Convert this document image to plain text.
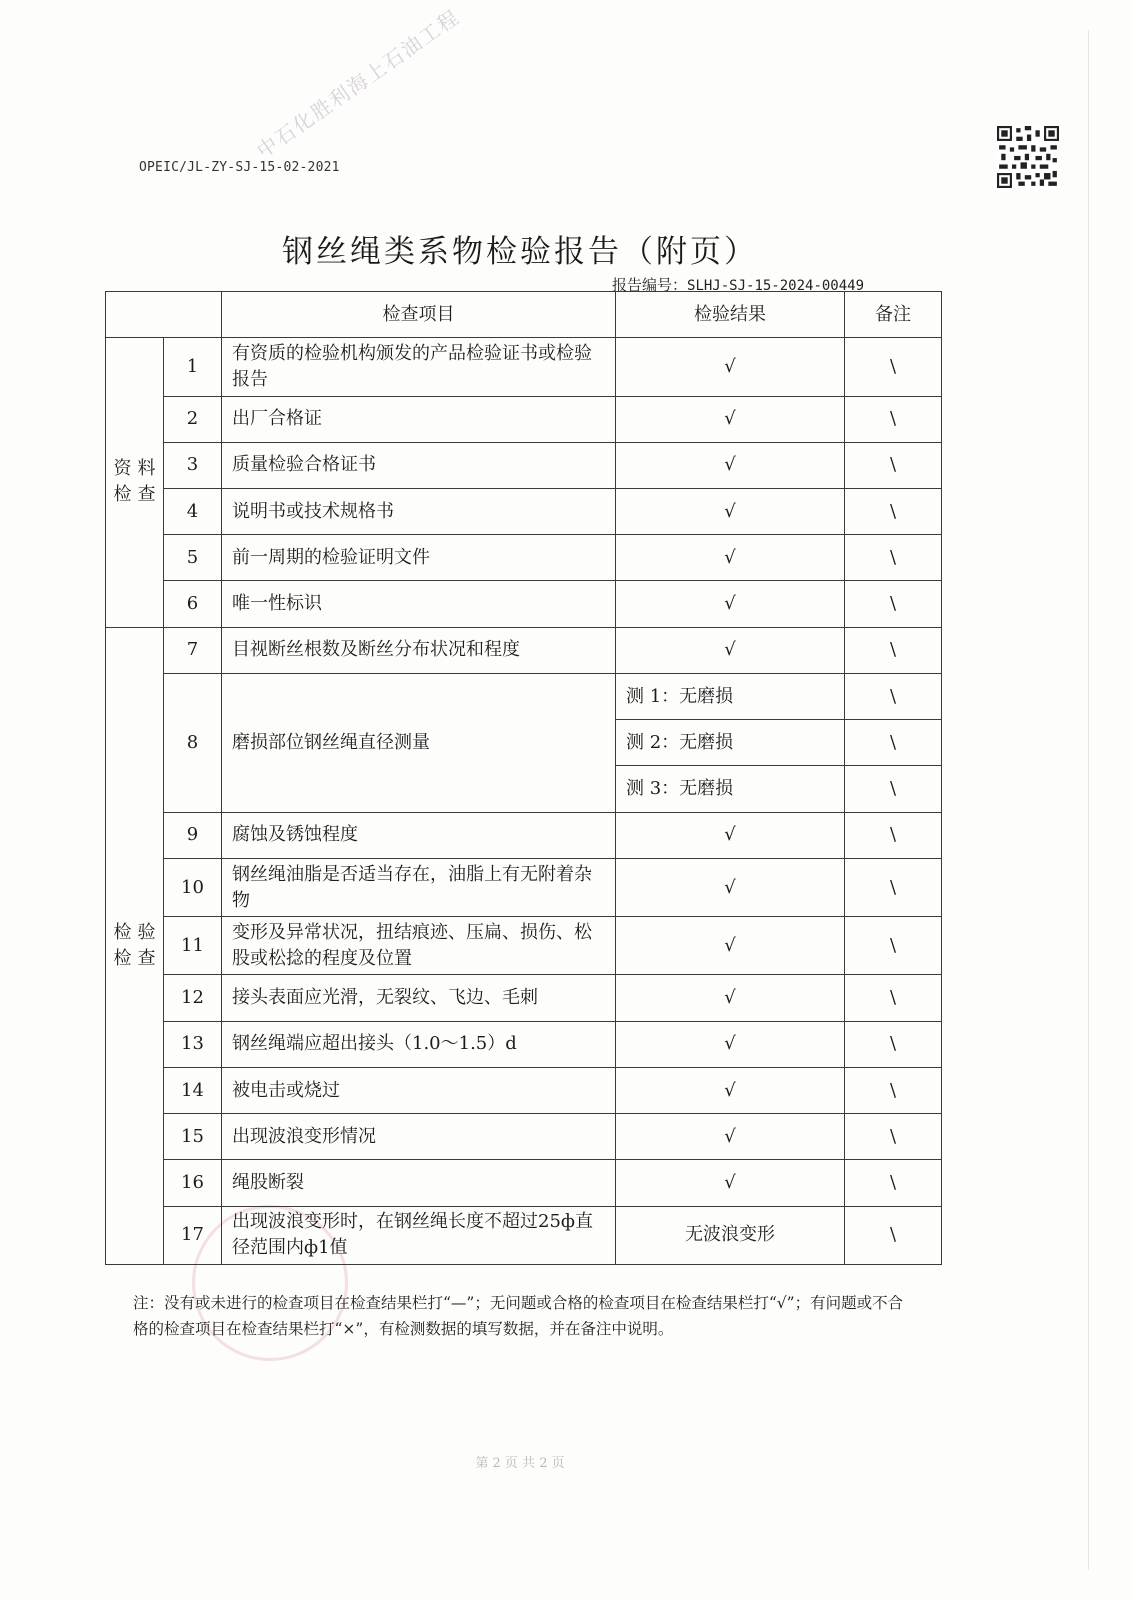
中石化胜利海上石油工程
OPEIC/JL-ZY-SJ-15-02-2021
钢丝绳类系物检验报告（附页）
报告编号：SLHJ-SJ-15-2024-00449
		检查项目	检验结果	备注
资料检查	1	有资质的检验机构颁发的产品检验证书或检验报告	√	\
	2	出厂合格证	√	\
	3	质量检验合格证书	√	\
	4	说明书或技术规格书	√	\
	5	前一周期的检验证明文件	√	\
	6	唯一性标识	√	\
检验检查	7	目视断丝根数及断丝分布状况和程度	√	\
	8	磨损部位钢丝绳直径测量	测 1：无磨损	\
			测 2：无磨损	\
			测 3：无磨损	\
	9	腐蚀及锈蚀程度	√	\
	10	钢丝绳油脂是否适当存在，油脂上有无附着杂物	√	\
	11	变形及异常状况，扭结痕迹、压扁、损伤、松股或松捻的程度及位置	√	\
	12	接头表面应光滑，无裂纹、飞边、毛刺	√	\
	13	钢丝绳端应超出接头（1.0～1.5）d	√	\
	14	被电击或烧过	√	\
	15	出现波浪变形情况	√	\
	16	绳股断裂	√	\
	17	出现波浪变形时，在钢丝绳长度不超过25ф直径范围内ф1值	无波浪变形	\
注：没有或未进行的检查项目在检查结果栏打“—”；无问题或合格的检查项目在检查结果栏打“√”；有问题或不合格的检查项目在检查结果栏打“×”，有检测数据的填写数据，并在备注中说明。
第 2 页 共 2 页
